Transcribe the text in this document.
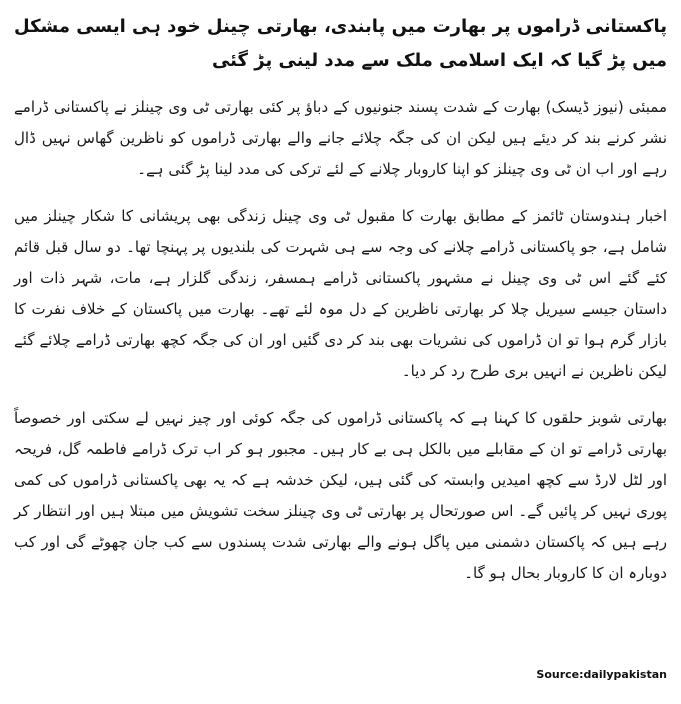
پاکستانی ڈراموں پر بھارت میں پابندی، بھارتی چینل خود ہی ایسی مشکل میں پڑ گیا کہ ایک اسلامی ملک سے مدد لینی پڑ گئی

ممبئی (نیوز ڈیسک) بھارت کے شدت پسند جنونیوں کے دباؤ پر کئی بھارتی ٹی وی چینلز نے پاکستانی ڈرامے نشر کرنے بند کر دیئے ہیں لیکن ان کی جگہ چلائے جانے والے بھارتی ڈراموں کو ناظرین گھاس نہیں ڈال رہے اور اب ان ٹی وی چینلز کو اپنا کاروبار چلانے کے لئے ترکی کی مدد لینا پڑ گئی ہے۔

اخبار ہندوستان ٹائمز کے مطابق بھارت کا مقبول ٹی وی چینل زندگی بھی پریشانی کا شکار چینلز میں شامل ہے، جو پاکستانی ڈرامے چلانے کی وجہ سے ہی شہرت کی بلندیوں پر پہنچا تھا۔ دو سال قبل قائم کئے گئے اس ٹی وی چینل نے مشہور پاکستانی ڈرامے ہمسفر، زندگی گلزار ہے، مات، شہر ذات اور داستان جیسے سیریل چلا کر بھارتی ناظرین کے دل موہ لئے تھے۔ بھارت میں پاکستان کے خلاف نفرت کا بازار گرم ہوا تو ان ڈراموں کی نشریات بھی بند کر دی گئیں اور ان کی جگہ کچھ بھارتی ڈرامے چلائے گئے لیکن ناظرین نے انہیں بری طرح رد کر دیا۔

بھارتی شوبز حلقوں کا کہنا ہے کہ پاکستانی ڈراموں کی جگہ کوئی اور چیز نہیں لے سکتی اور خصوصاً بھارتی ڈرامے تو ان کے مقابلے میں بالکل ہی بے کار ہیں۔ مجبور ہو کر اب ترک ڈرامے فاطمہ گل، فریحہ اور لٹل لارڈ سے کچھ امیدیں وابستہ کی گئی ہیں، لیکن خدشہ ہے کہ یہ بھی پاکستانی ڈراموں کی کمی پوری نہیں کر پائیں گے۔ اس صورتحال پر بھارتی ٹی وی چینلز سخت تشویش میں مبتلا ہیں اور انتظار کر رہے ہیں کہ پاکستان دشمنی میں پاگل ہونے والے بھارتی شدت پسندوں سے کب جان چھوٹے گی اور کب دوبارہ ان کا کاروبار بحال ہو گا۔

Source:dailypakistan
